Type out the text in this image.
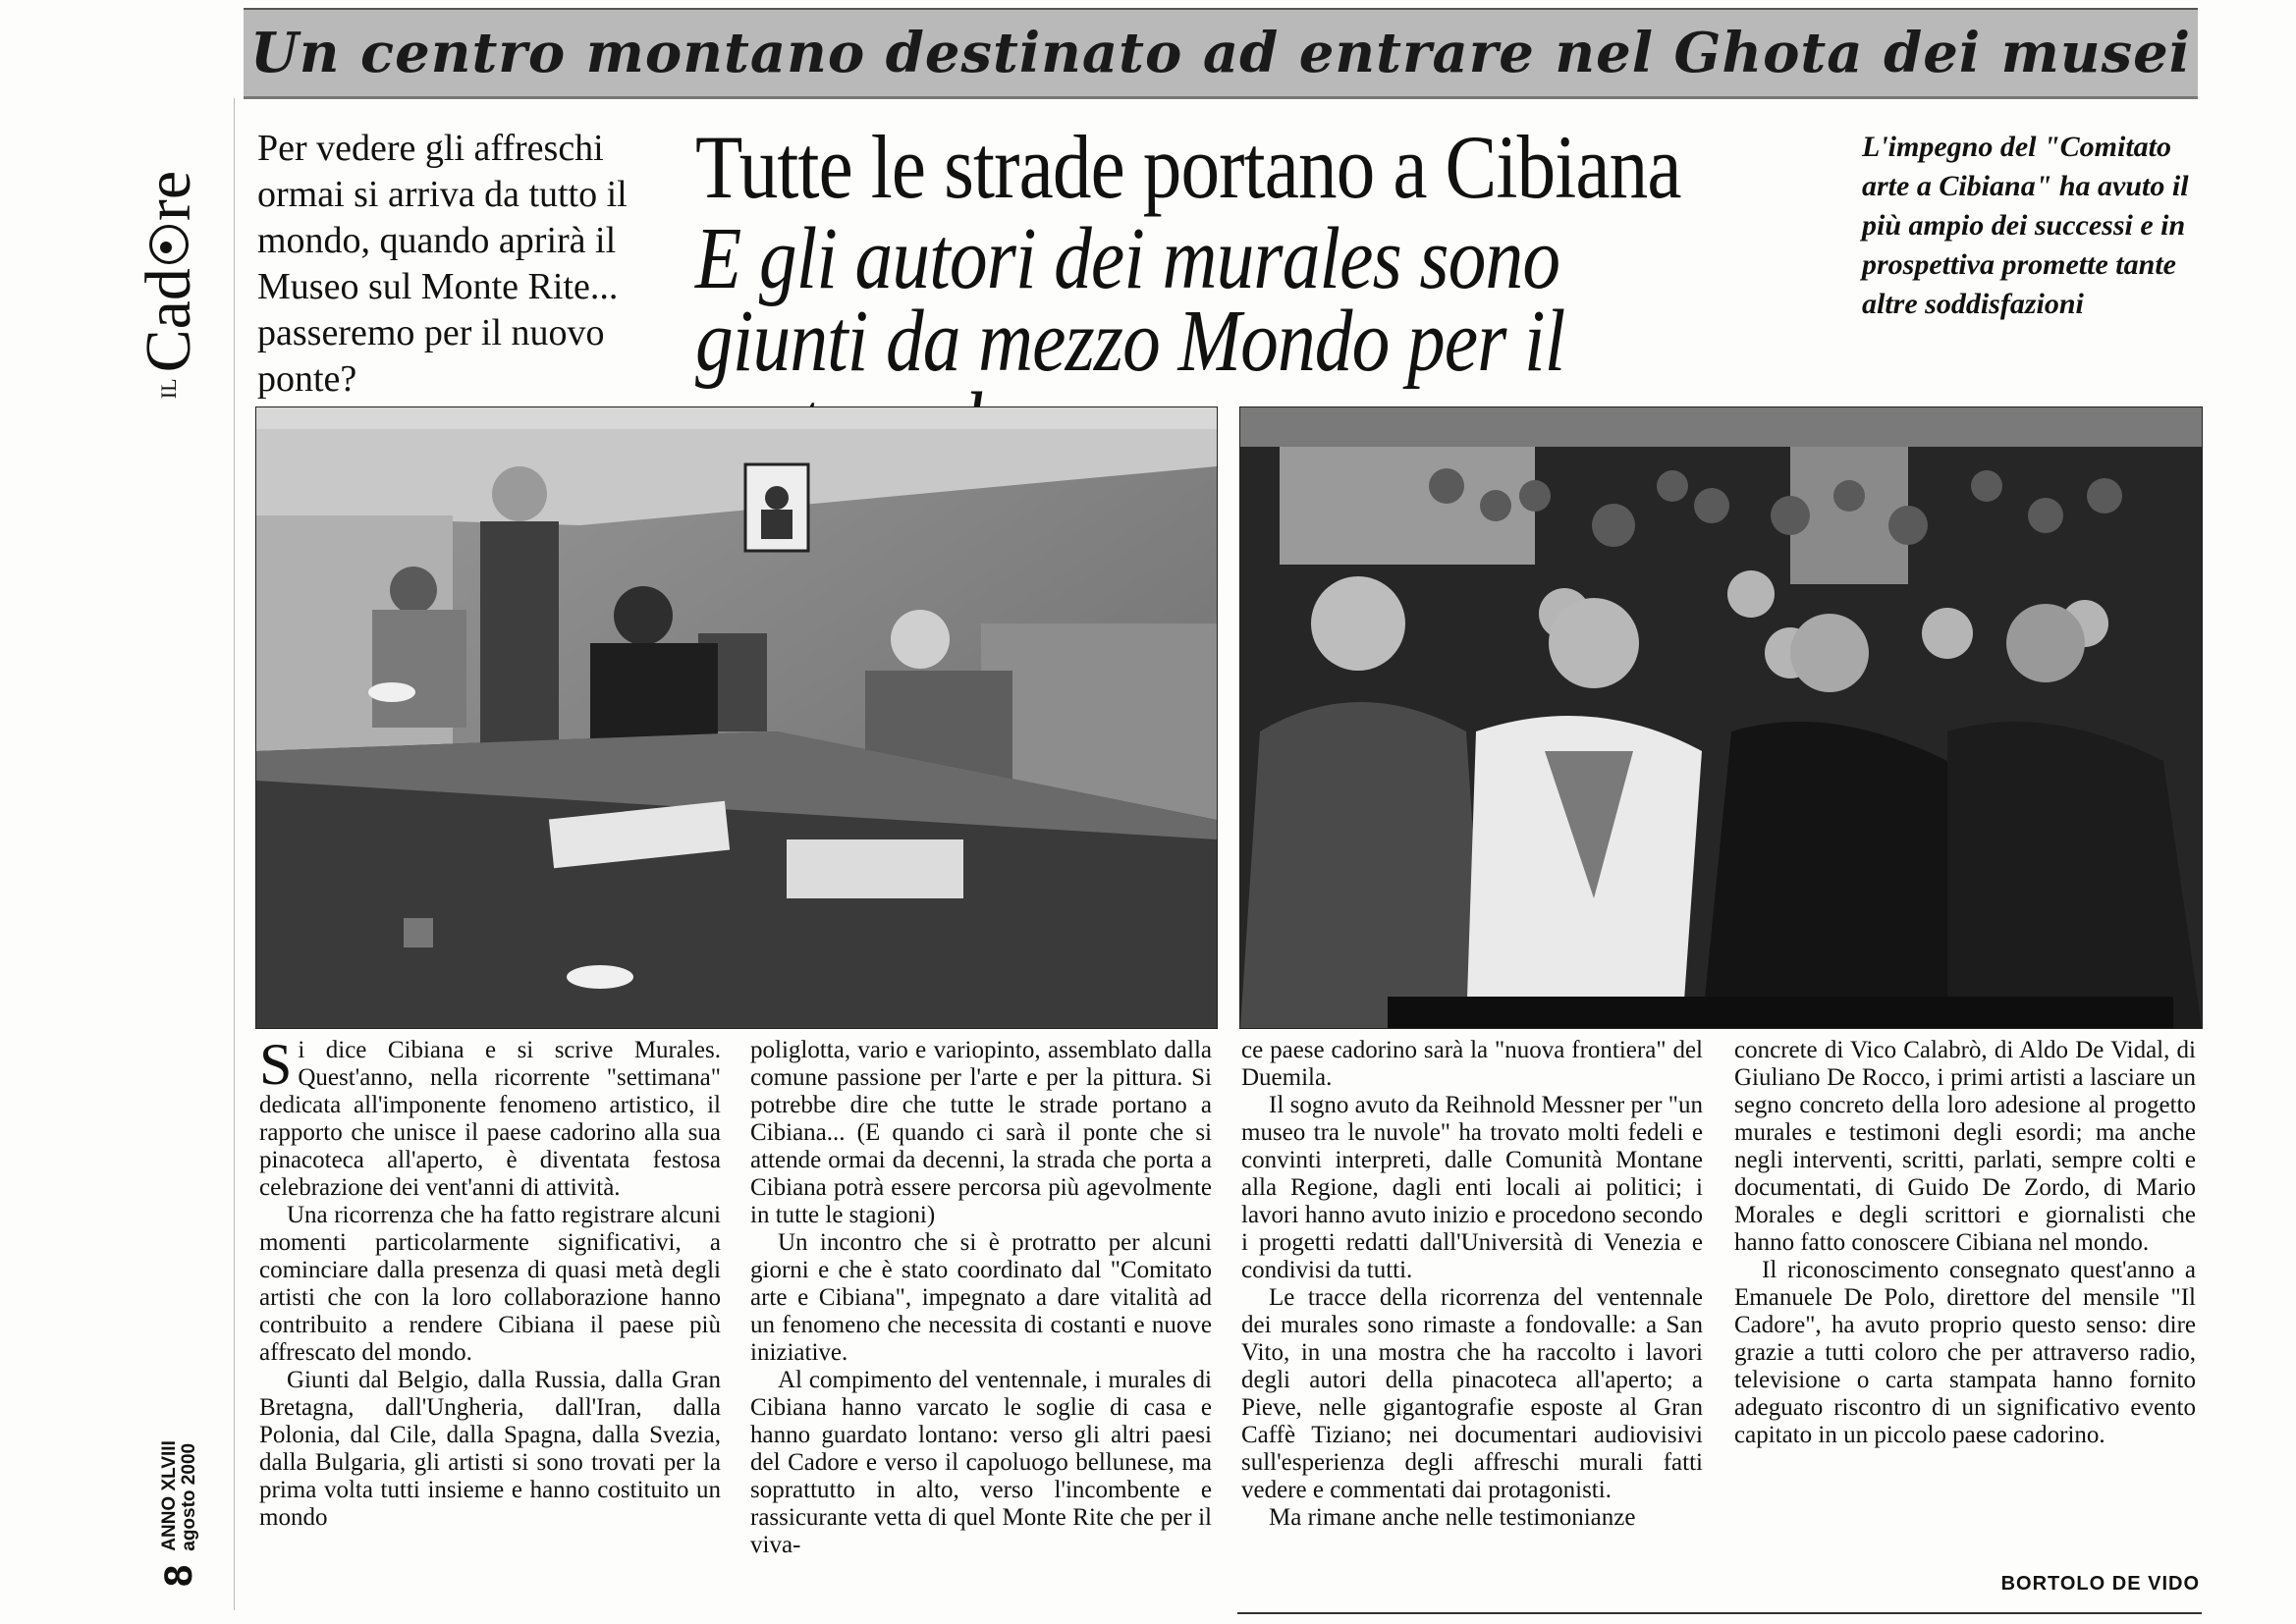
Un centro montano destinato ad entrare nel Ghota dei musei
Per vedere gli affreschi ormai si arriva da tutto il mondo, quando aprirà il Museo sul Monte Rite... passeremo per il nuovo ponte?
Tutte le strade portano a Cibiana
E gli autori dei murales sono giunti da mezzo Mondo per il
L'impegno del "Comitato arte a Cibiana" ha avuto il più ampio dei successi e in prospettiva promette tante altre soddisfazioni
IL
Cad
re
8
ANNO XLVIII
agosto 2000

Si dice Cibiana e si scrive Murales. Quest'anno, nella ricorrente "settimana" dedicata all'imponente fenomeno artistico, il rapporto che unisce il paese cadorino alla sua pinacoteca all'aperto, è diventata festosa celebrazione dei vent'anni di attività.

Una ricorrenza che ha fatto registrare alcuni momenti particolarmente significativi, a cominciare dalla presenza di quasi metà degli artisti che con la loro collaborazione hanno contribuito a rendere Cibiana il paese più affrescato del mondo.

Giunti dal Belgio, dalla Russia, dalla Gran Bretagna, dall'Ungheria, dall'Iran, dalla Polonia, dal Cile, dalla Spagna, dalla Svezia, dalla Bulgaria, gli artisti si sono trovati per la prima volta tutti insieme e hanno costituito un mondo

poliglotta, vario e variopinto, assemblato dalla comune passione per l'arte e per la pittura. Si potrebbe dire che tutte le strade portano a Cibiana... (E quando ci sarà il ponte che si attende ormai da decenni, la strada che porta a Cibiana potrà essere percorsa più agevolmente in tutte le stagioni)

Un incontro che si è protratto per alcuni giorni e che è stato coordinato dal "Comitato arte e Cibiana", impegnato a dare vitalità ad un fenomeno che necessita di costanti e nuove iniziative.

Al compimento del ventennale, i murales di Cibiana hanno varcato le soglie di casa e hanno guardato lontano: verso gli altri paesi del Cadore e verso il capoluogo bellunese, ma soprattutto in alto, verso l'incombente e rassicurante vetta di quel Monte Rite che per il viva-

ce paese cadorino sarà la "nuova frontiera" del Duemila.

Il sogno avuto da Reihnold Messner per "un museo tra le nuvole" ha trovato molti fedeli e convinti interpreti, dalle Comunità Montane alla Regione, dagli enti locali ai politici; i lavori hanno avuto inizio e procedono secondo i progetti redatti dall'Università di Venezia e condivisi da tutti.

Le tracce della ricorrenza del ventennale dei murales sono rimaste a fondovalle: a San Vito, in una mostra che ha raccolto i lavori degli autori della pinacoteca all'aperto; a Pieve, nelle gigantografie esposte al Gran Caffè Tiziano; nei documentari audiovisivi sull'esperienza degli affreschi murali fatti vedere e commentati dai protagonisti.

Ma rimane anche nelle testimonianze

concrete di Vico Calabrò, di Aldo De Vidal, di Giuliano De Rocco, i primi artisti a lasciare un segno concreto della loro adesione al progetto murales e testimoni degli esordi; ma anche negli interventi, scritti, parlati, sempre colti e documentati, di Guido De Zordo, di Mario Morales e degli scrittori e giornalisti che hanno fatto conoscere Cibiana nel mondo.

Il riconoscimento consegnato quest'anno a Emanuele De Polo, direttore del mensile "Il Cadore", ha avuto proprio questo senso: dire grazie a tutti coloro che per attraverso radio, televisione o carta stampata hanno fornito adeguato riscontro di un significativo evento capitato in un piccolo paese cadorino.

BORTOLO DE VIDO
